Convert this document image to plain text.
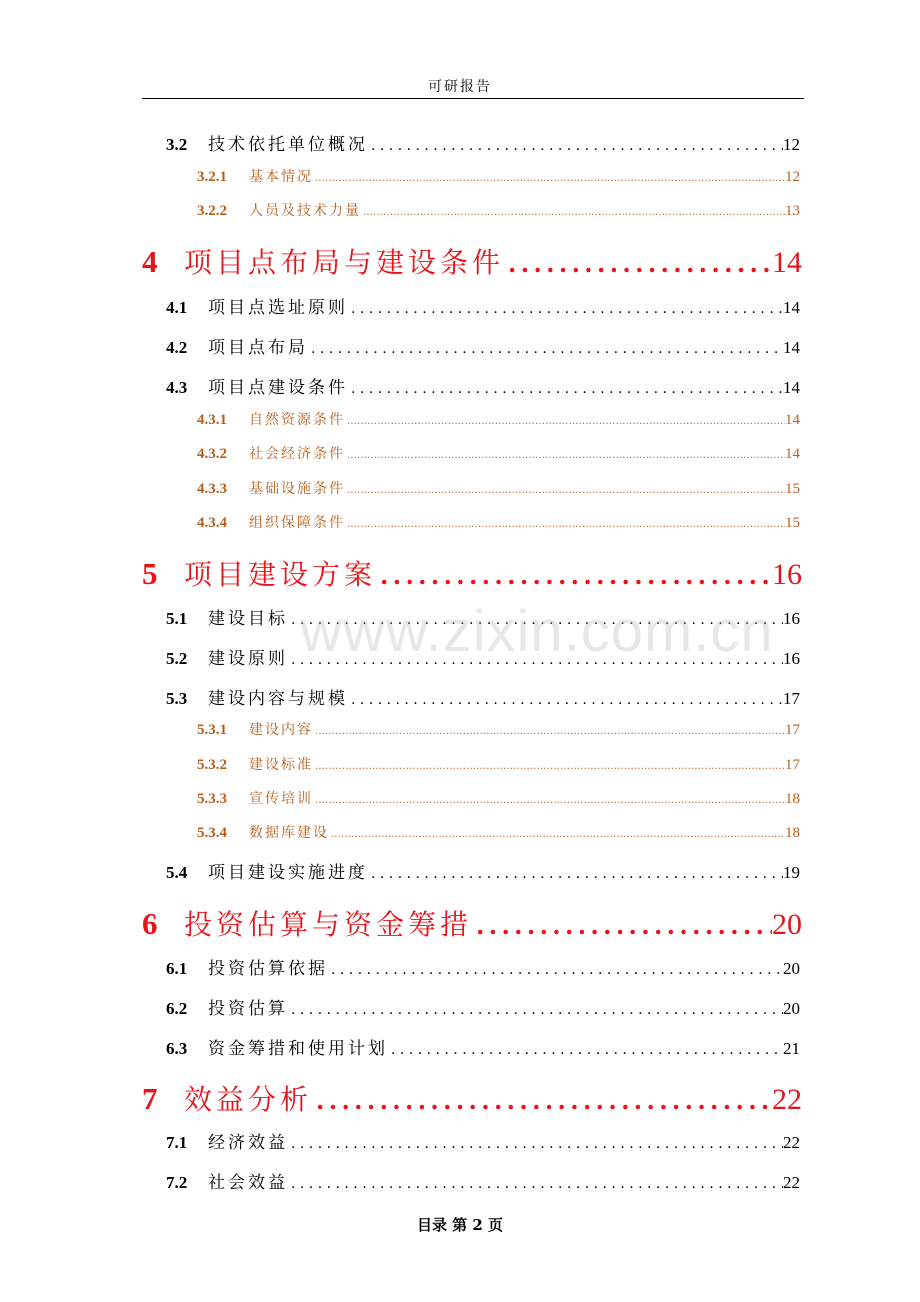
可研报告
3.2	技术依托单位概况 . . .	12
3.2.1	基本情况 . . .	12
3.2.2	人员及技术力量 . . .	13
4 项目点布局与建设条件 . . .	14
4.1	项目点选址原则 . . .	14
4.2	项目点布局 . . .	14
4.3	项目点建设条件 . . .	14
4.3.1	自然资源条件 . . .	14
4.3.2	社会经济条件 . . .	14
4.3.3	基础设施条件 . . .	15
4.3.4	组织保障条件 . . .	15
5 项目建设方案 . . .	16
5.1	建设目标 . . .	16
5.2	建设原则 . . .	16
5.3	建设内容与规模 . . .	17
5.3.1	建设内容 . . .	17
5.3.2	建设标准 . . .	17
5.3.3	宣传培训 . . .	18
5.3.4	数据库建设 . . .	18
5.4	项目建设实施进度 . . .	19
6 投资估算与资金筹措 . . .	20
6.1	投资估算依据 . . .	20
6.2	投资估算 . . .	20
6.3	资金筹措和使用计划 . . .	21
7 效益分析 . . .	22
7.1	经济效益 . . .	22
7.2	社会效益 . . .	22
www.zixin.com.cn
目录 第 2 页
